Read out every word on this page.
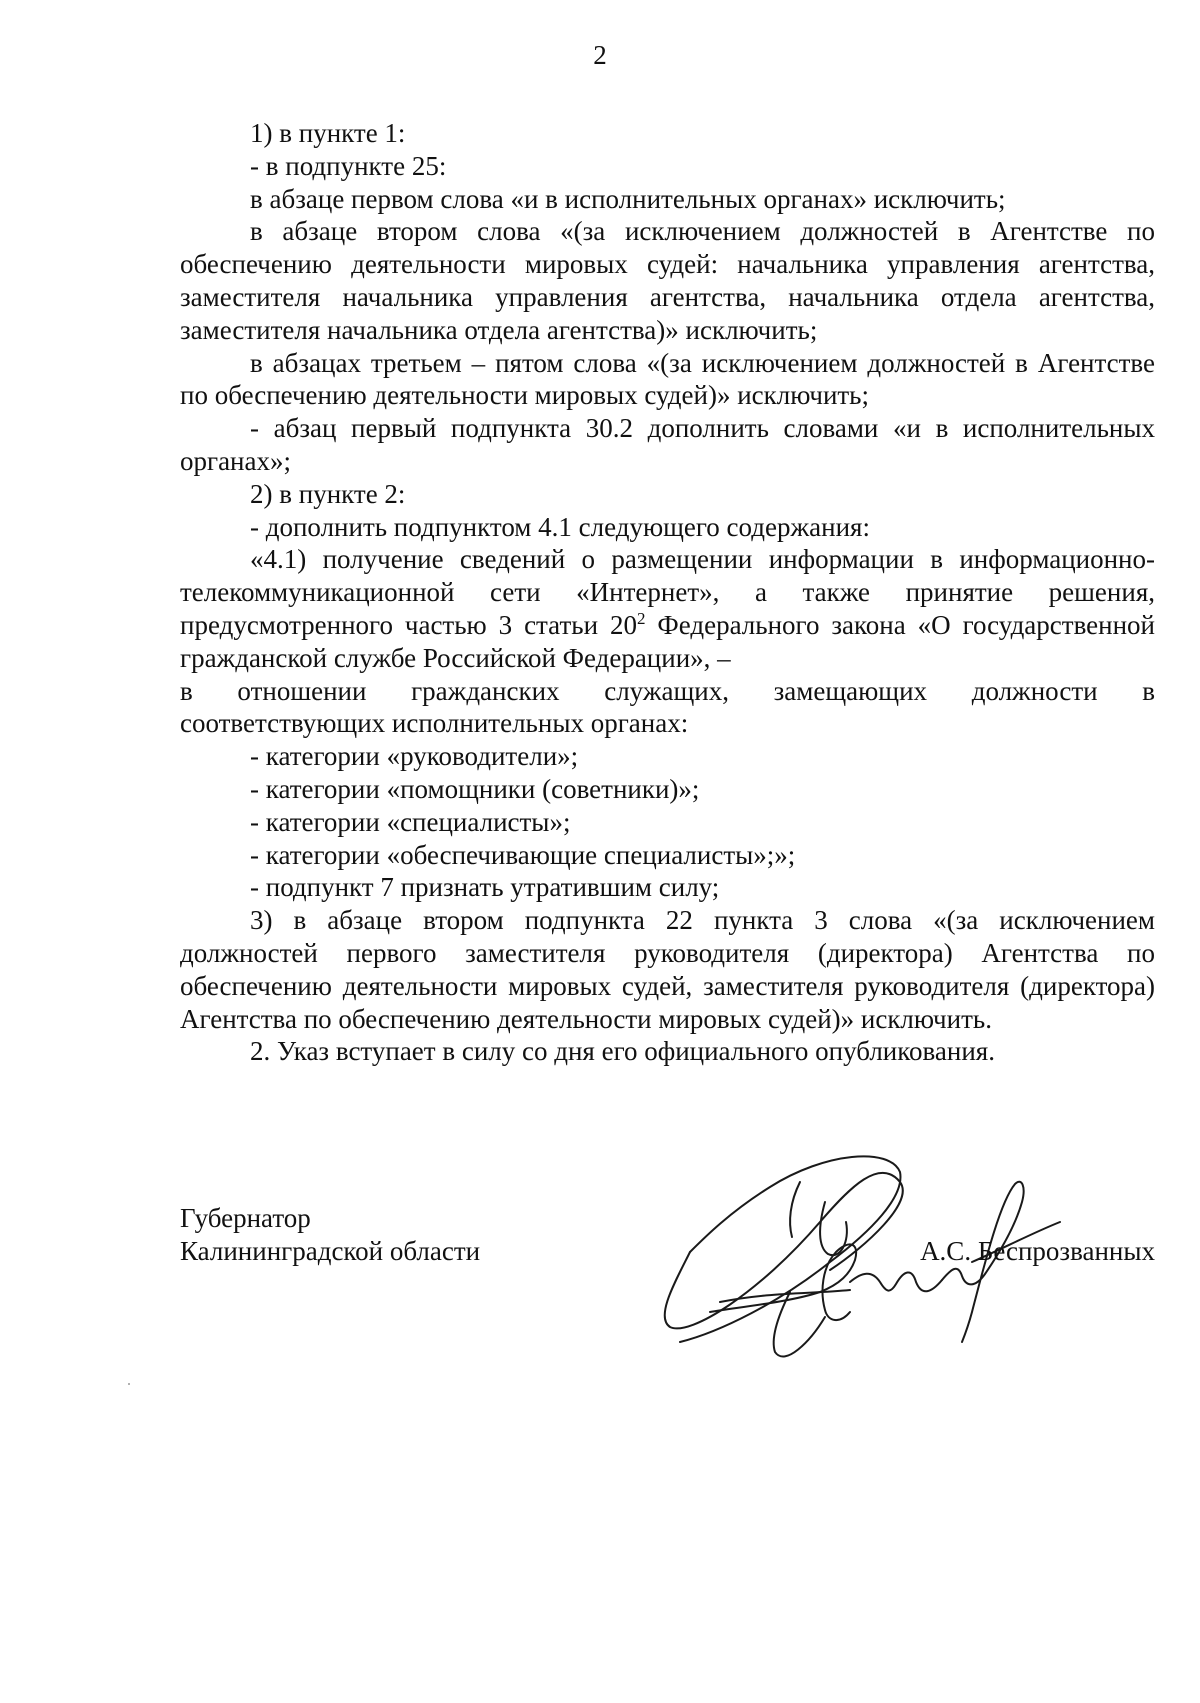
2

1) в пункте 1:

- в подпункте 25:

в абзаце первом слова «и в исполнительных органах» исключить;

в абзаце втором слова «(за исключением должностей в Агентстве по обеспечению деятельности мировых судей: начальника управления агентства, заместителя начальника управления агентства, начальника отдела агентства, заместителя начальника отдела агентства)» исключить;

в абзацах третьем – пятом слова «(за исключением должностей в Агентстве по обеспечению деятельности мировых судей)» исключить;

- абзац первый подпункта 30.2 дополнить словами «и в исполнительных органах»;

2) в пункте 2:

- дополнить подпунктом 4.1 следующего содержания:

«4.1) получение сведений о размещении информации в информационно-телекоммуникационной сети «Интернет», а также принятие решения, предусмотренного частью 3 статьи $20^2$ Федерального закона «О государственной гражданской службе Российской Федерации», –

в отношении гражданских служащих, замещающих должности в

соответствующих исполнительных органах:

- категории «руководители»;

- категории «помощники (советники)»;

- категории «специалисты»;

- категории «обеспечивающие специалисты»;»;

- подпункт 7 признать утратившим силу;

3) в абзаце втором подпункта 22 пункта 3 слова «(за исключением должностей первого заместителя руководителя (директора) Агентства по обеспечению деятельности мировых судей, заместителя руководителя (директора) Агентства по обеспечению деятельности мировых судей)» исключить.

2. Указ вступает в силу со дня его официального опубликования.

Губернатор
Калининградской области	А.С. Беспрозванных
